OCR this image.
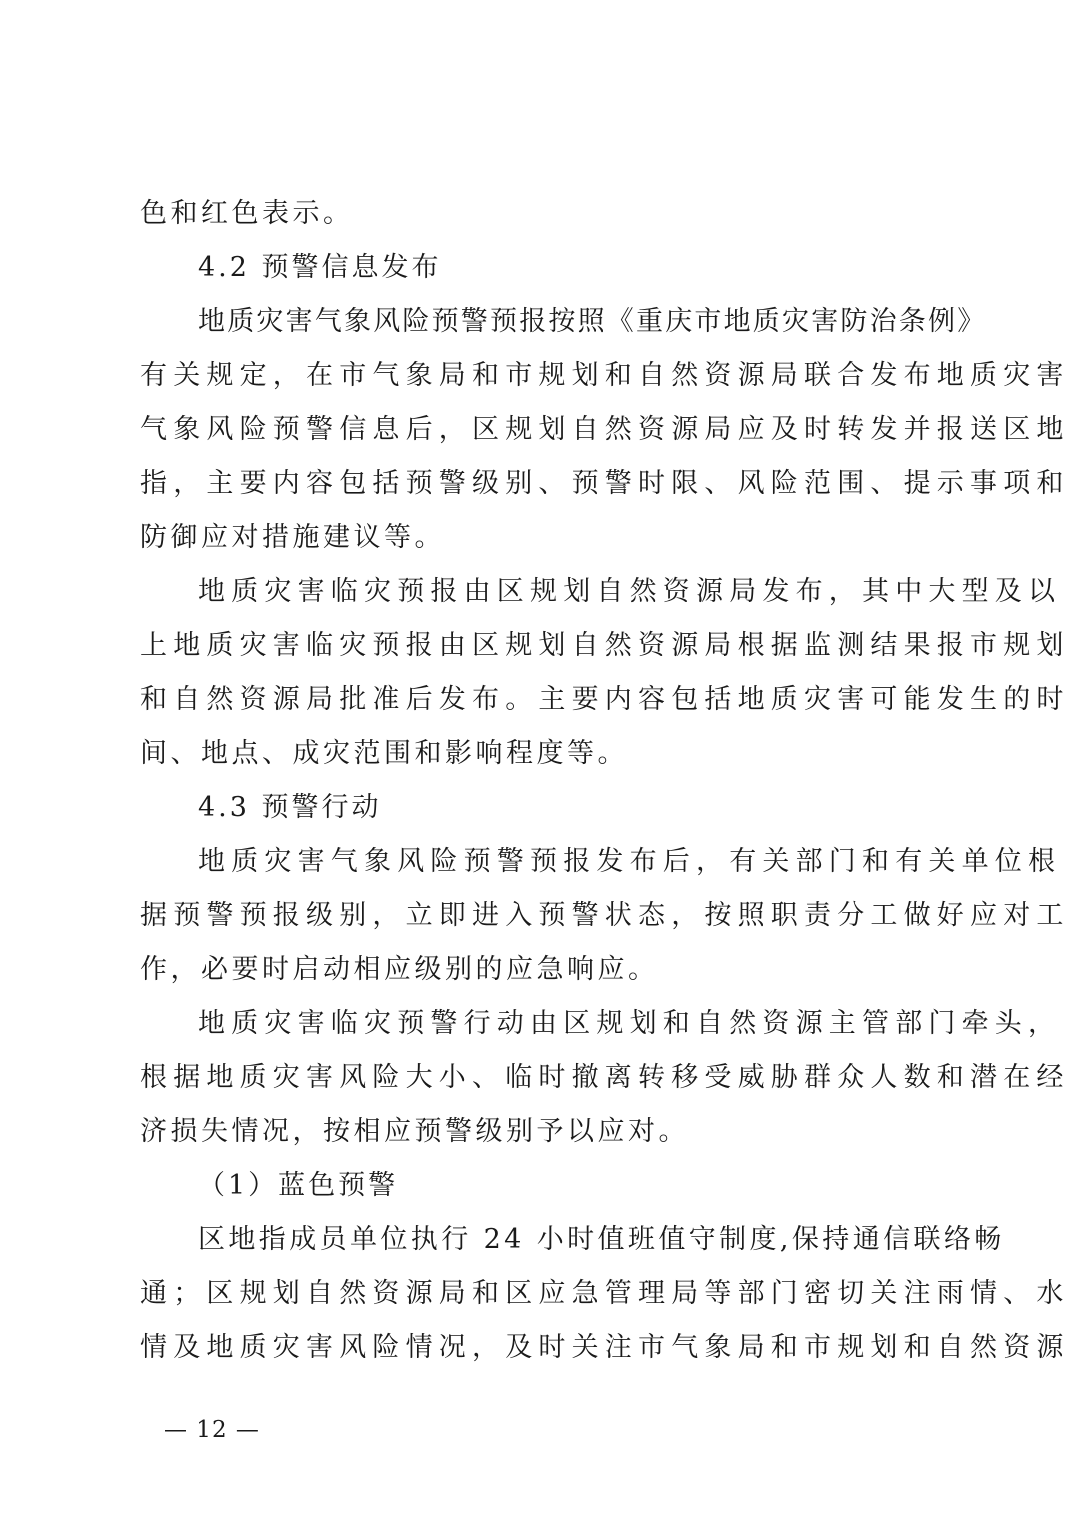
色和红色表示。
4.2 预警信息发布
地质灾害气象风险预警预报按照《重庆市地质灾害防治条例》
有关规定，在市气象局和市规划和自然资源局联合发布地质灾害
气象风险预警信息后，区规划自然资源局应及时转发并报送区地
指，主要内容包括预警级别、预警时限、风险范围、提示事项和
防御应对措施建议等。
地质灾害临灾预报由区规划自然资源局发布，其中大型及以
上地质灾害临灾预报由区规划自然资源局根据监测结果报市规划
和自然资源局批准后发布。主要内容包括地质灾害可能发生的时
间、地点、成灾范围和影响程度等。
4.3 预警行动
地质灾害气象风险预警预报发布后，有关部门和有关单位根
据预警预报级别，立即进入预警状态，按照职责分工做好应对工
作，必要时启动相应级别的应急响应。
地质灾害临灾预警行动由区规划和自然资源主管部门牵头，
根据地质灾害风险大小、临时撤离转移受威胁群众人数和潜在经
济损失情况，按相应预警级别予以应对。
（1）蓝色预警
区地指成员单位执行 24 小时值班值守制度,保持通信联络畅
通；区规划自然资源局和区应急管理局等部门密切关注雨情、水
情及地质灾害风险情况，及时关注市气象局和市规划和自然资源
— 12 —
